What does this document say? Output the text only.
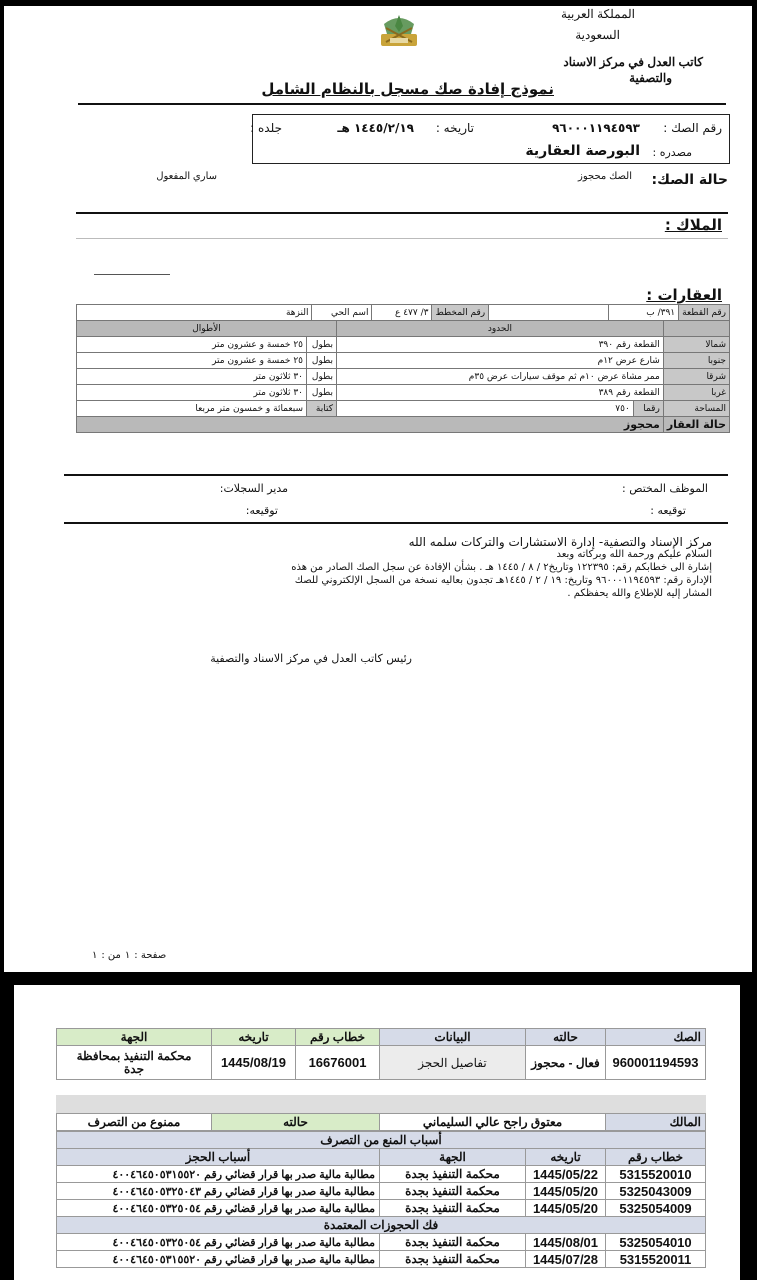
المملكة العربية
السعودية
كاتب العدل في مركز الاسناد
والتصفية
نموذج إفادة صك مسجل بالنظام الشامل
رقم الصك :
٩٦٠٠٠١١٩٤٥٩٣
تاريخه :
١٤٤٥/٢/١٩ هـ
جلده :
مصدره :
البورصة العقارية
حالة الصك:
الصك محجوز
ساري المفعول
الملاك :
العقارات :
رقم القطعة	٣٩١/ ب		رقم المخطط	٣/ ٤٧٧ ع	اسم الحي	النزهة
	الحدود		الأطوال	
شمالا	القطعة رقم ٣٩٠		بطول	٢٥ خمسة و عشرون متر
جنوبا	شارع عرض ١٢م		بطول	٢٥ خمسة و عشرون متر
شرقا	ممر مشاة عرض ١٠م ثم موقف سيارات عرض ٣٥م		بطول	٣٠ ثلاثون متر
غربا	القطعة رقم ٣٨٩		بطول	٣٠ ثلاثون متر
المساحة	رقما	٧٥٠	كتابة	سبعمائة و خمسون متر مربعا
حالة العقار	محجوز			
الموظف المختص :
مدير السجلات:
توقيعه :
توقيعه:
مركز الإسناد والتصفية- إدارة الاستشارات والتركات سلمه الله
السلام عليكم ورحمة الله وبركاته وبعد
إشارة الى خطابكم رقم: ١٢٢٣٩٥ وتاريخ٢ / ٨ / ١٤٤٥ هـ . بشأن الإفادة عن سجل الصك الصادر من هذه
الإدارة رقم: ٩٦٠٠٠١١٩٤٥٩٣ وتاريخ: ١٩ / ٢ / ١٤٤٥هـ تجدون بعاليه نسخة من السجل الإلكتروني للصك
المشار إليه للإطلاع والله يحفظكم .
رئيس كاتب العدل في مركز الاسناد والتصفية
صفحة :
١
من :
١
الصك	حالته	البيانات	خطاب رقم	تاريخه	الجهة
960001194593	فعال - محجوز	تفاصيل الحجز	16676001	1445/08/19	محكمة التنفيذ بمحافظة
جدة
المالك	معتوق راجح عالي السليماني	حالته	ممنوع من التصرف
أسباب المنع من التصرف			
خطاب رقم	تاريخه	الجهة	أسباب الحجز
5315520010	1445/05/22	محكمة التنفيذ بجدة	مطالبة مالية صدر بها قرار قضائي رقم ٤٠٠٤٦٤٥٠٥٣١٥٥٢٠
5325043009	1445/05/20	محكمة التنفيذ بجدة	مطالبة مالية صدر بها قرار قضائي رقم ٤٠٠٤٦٤٥٠٥٣٢٥٠٤٣
5325054009	1445/05/20	محكمة التنفيذ بجدة	مطالبة مالية صدر بها قرار قضائي رقم ٤٠٠٤٦٤٥٠٥٣٢٥٠٥٤
فك الحجوزات المعتمدة			
5325054010	1445/08/01	محكمة التنفيذ بجدة	مطالبة مالية صدر بها قرار قضائي رقم ٤٠٠٤٦٤٥٠٥٣٢٥٠٥٤
5315520011	1445/07/28	محكمة التنفيذ بجدة	مطالبة مالية صدر بها قرار قضائي رقم ٤٠٠٤٦٤٥٠٥٣١٥٥٢٠
